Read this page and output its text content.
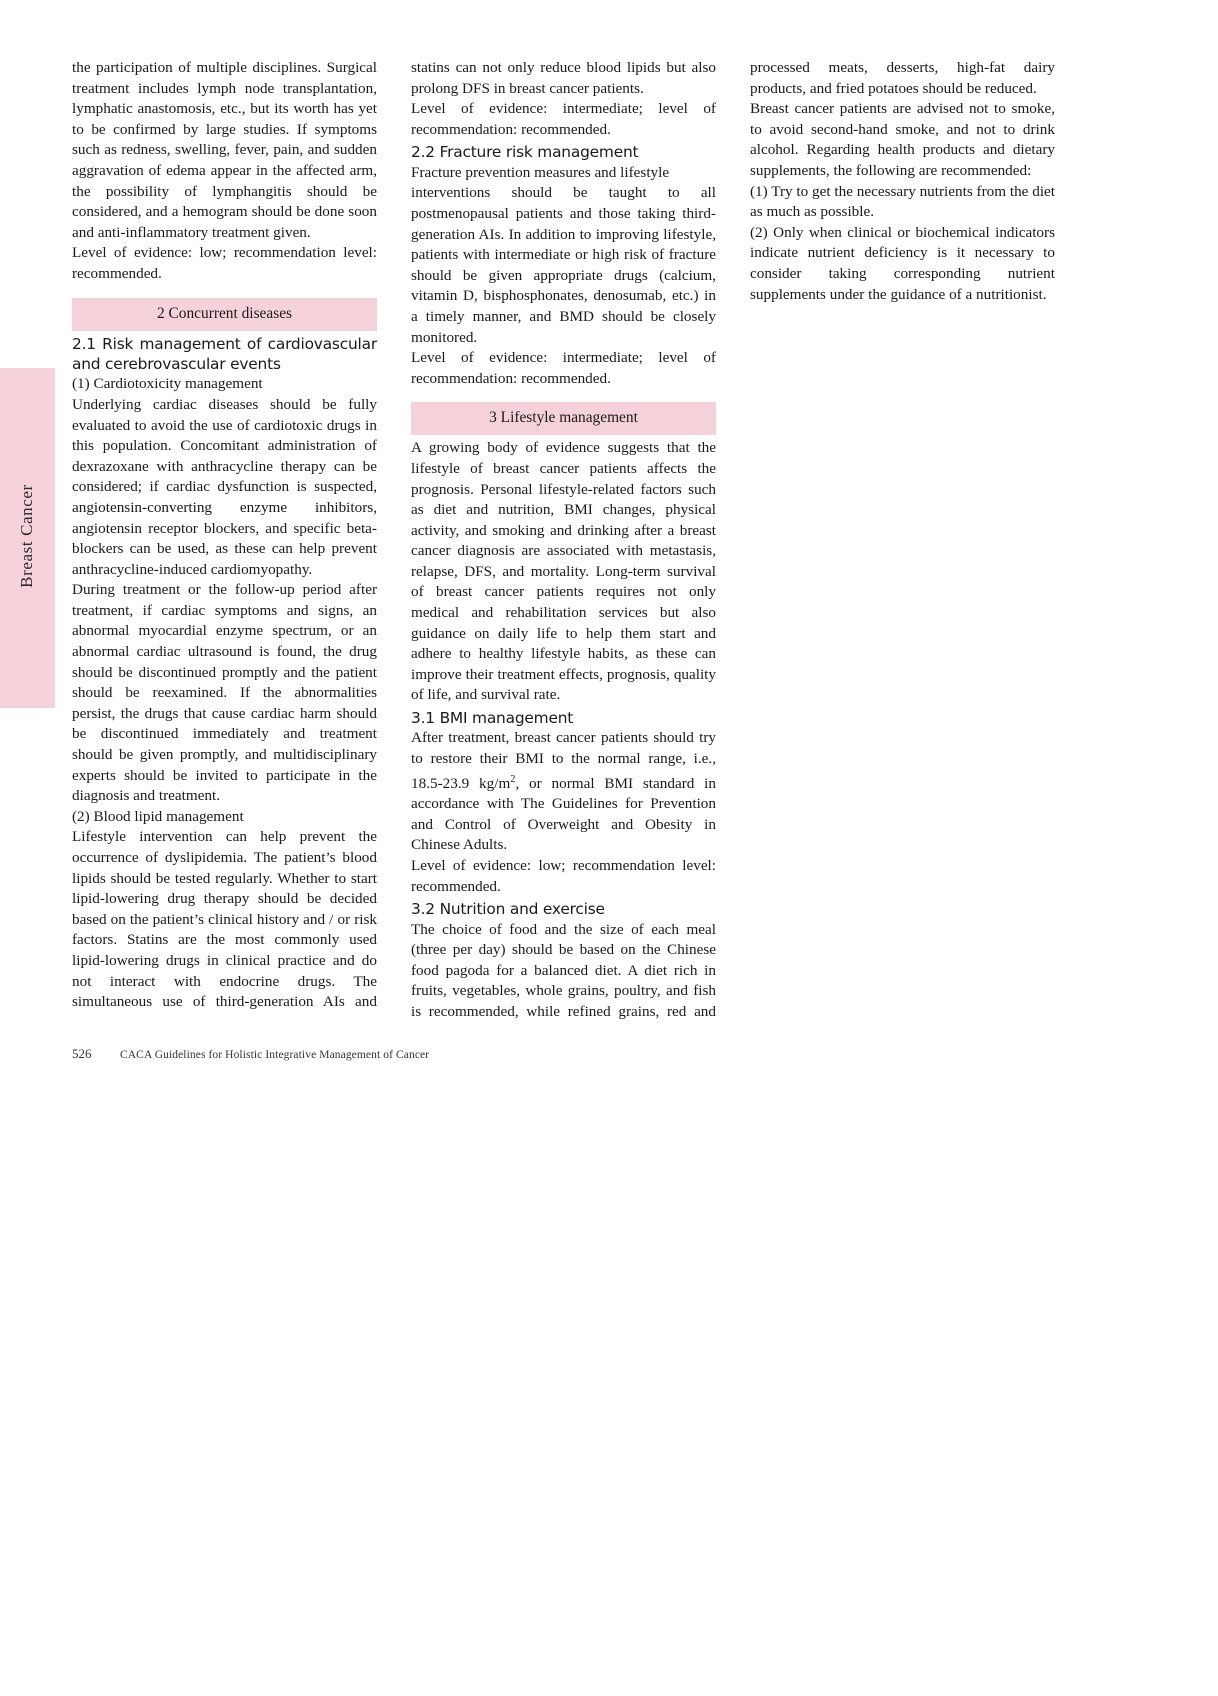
Breast Cancer

the participation of multiple disciplines. Surgical treatment includes lymph node transplantation, lymphatic anastomosis, etc., but its worth has yet to be confirmed by large studies. If symptoms such as redness, swelling, fever, pain, and sudden aggravation of edema appear in the affected arm, the possibility of lymphangitis should be considered, and a hemogram should be done soon and anti-inflammatory treatment given.

Level of evidence: low; recommendation level: recommended.

2 Concurrent diseases

2.1 Risk management of cardiovascular and cerebrovascular events

(1) Cardiotoxicity management

Underlying cardiac diseases should be fully evaluated to avoid the use of cardiotoxic drugs in this population. Concomitant administration of dexrazoxane with anthracycline therapy can be considered; if cardiac dysfunction is suspected, angiotensin-converting enzyme inhibitors, angiotensin receptor blockers, and specific beta-blockers can be used, as these can help prevent anthracycline-induced cardiomyopathy.

During treatment or the follow-up period after treatment, if cardiac symptoms and signs, an abnormal myocardial enzyme spectrum, or an abnormal cardiac ultrasound is found, the drug should be discontinued promptly and the patient should be reexamined. If the abnormalities persist, the drugs that cause cardiac harm should be discontinued immediately and treatment should be given promptly, and multidisciplinary experts should be invited to participate in the diagnosis and treatment.

(2) Blood lipid management

Lifestyle intervention can help prevent the occurrence of dyslipidemia. The patient’s blood lipids should be tested regularly. Whether to start lipid-lowering drug therapy should be decided based on the patient’s clinical history and / or risk factors. Statins are the most commonly used lipid-lowering drugs in clinical practice and do not interact with endocrine drugs. The simultaneous use of third-generation AIs and statins can not only reduce blood lipids but also prolong DFS in breast cancer patients.

Level of evidence: intermediate; level of recommendation: recommended.

2.2 Fracture risk management

Fracture prevention measures and lifestyle

interventions should be taught to all postmenopausal patients and those taking third-generation AIs. In addition to improving lifestyle, patients with intermediate or high risk of fracture should be given appropriate drugs (calcium, vitamin D, bisphosphonates, denosumab, etc.) in a timely manner, and BMD should be closely monitored.

Level of evidence: intermediate; level of recommendation: recommended.

3 Lifestyle management

A growing body of evidence suggests that the lifestyle of breast cancer patients affects the prognosis. Personal lifestyle-related factors such as diet and nutrition, BMI changes, physical activity, and smoking and drinking after a breast cancer diagnosis are associated with metastasis, relapse, DFS, and mortality. Long-term survival of breast cancer patients requires not only medical and rehabilitation services but also guidance on daily life to help them start and adhere to healthy lifestyle habits, as these can improve their treatment effects, prognosis, quality of life, and survival rate.

3.1 BMI management

After treatment, breast cancer patients should try to restore their BMI to the normal range, i.e., 18.5-23.9 $kg/m^2$, or normal BMI standard in accordance with The Guidelines for Prevention and Control of Overweight and Obesity in Chinese Adults.

Level of evidence: low; recommendation level: recommended.

3.2 Nutrition and exercise

The choice of food and the size of each meal (three per day) should be based on the Chinese food pagoda for a balanced diet. A diet rich in fruits, vegetables, whole grains, poultry, and fish is recommended, while refined grains, red and processed meats, desserts, high-fat dairy products, and fried potatoes should be reduced.

Breast cancer patients are advised not to smoke, to avoid second-hand smoke, and not to drink alcohol. Regarding health products and dietary supplements, the following are recommended:

(1) Try to get the necessary nutrients from the diet as much as possible.

(2) Only when clinical or biochemical indicators indicate nutrient deficiency is it necessary to consider taking corresponding nutrient supplements under the guidance of a nutritionist.

526 CACA Guidelines for Holistic Integrative Management of Cancer
